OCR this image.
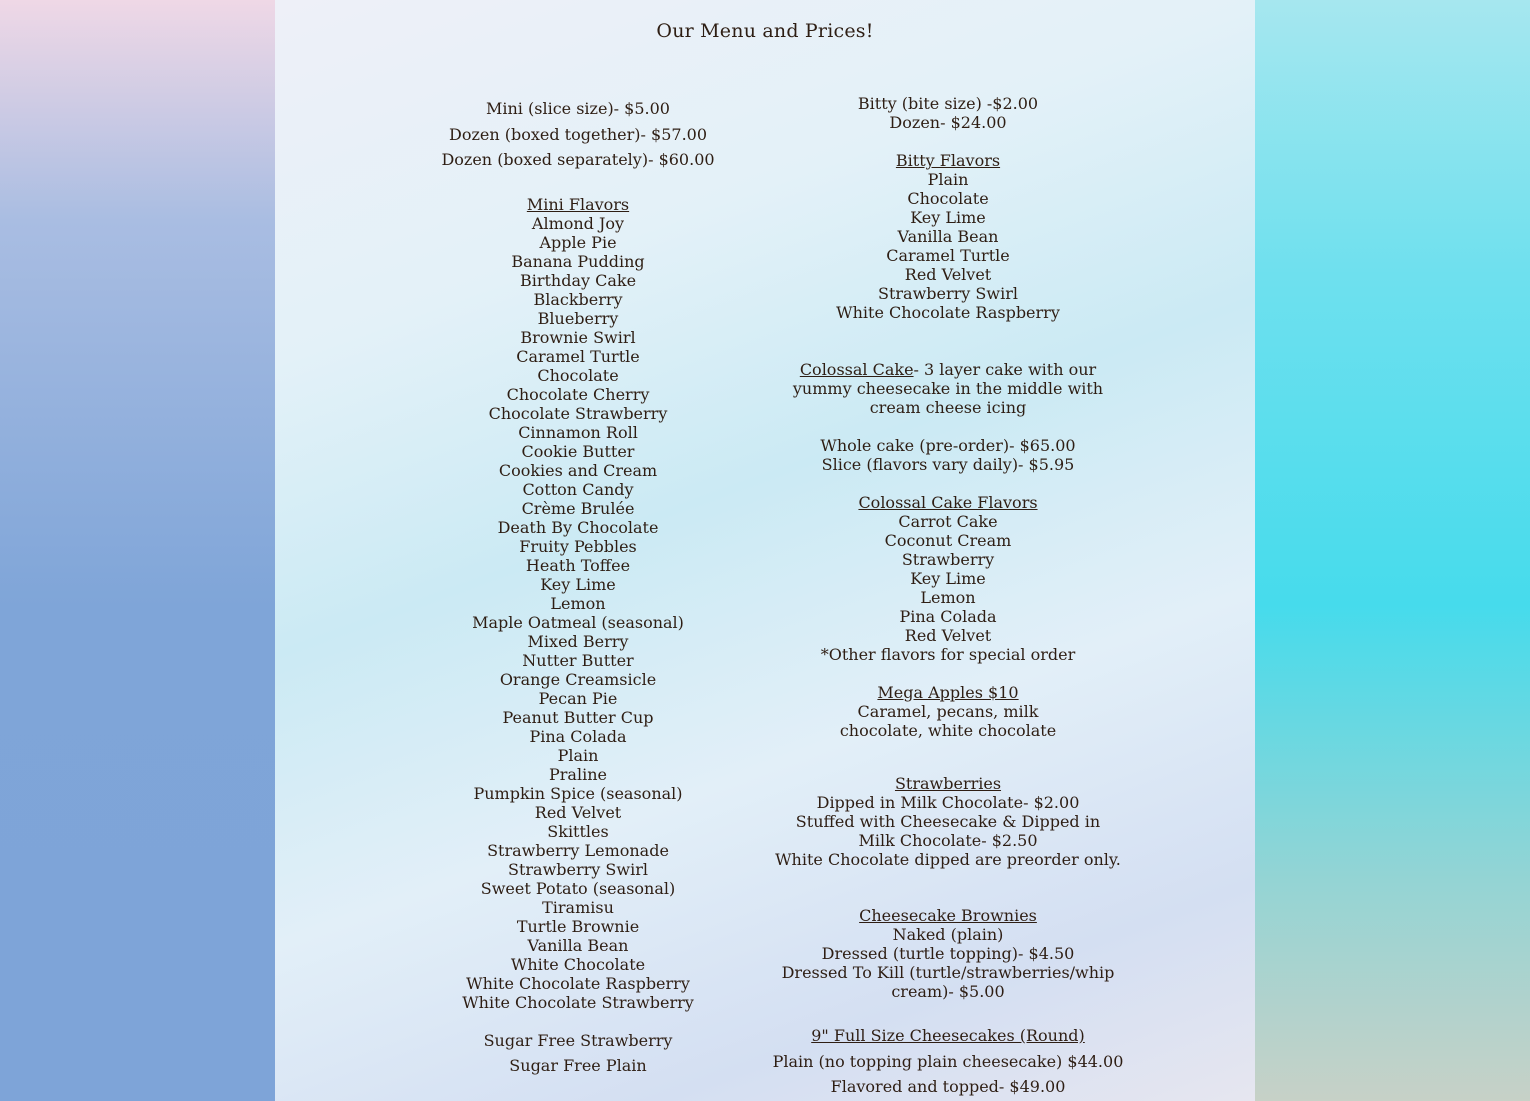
Our Menu and Prices!
Mini (slice size)- $5.00
Dozen (boxed together)- $57.00
Dozen (boxed separately)- $60.00
Mini Flavors
Almond Joy
Apple Pie
Banana Pudding
Birthday Cake
Blackberry
Blueberry
Brownie Swirl
Caramel Turtle
Chocolate
Chocolate Cherry
Chocolate Strawberry
Cinnamon Roll
Cookie Butter
Cookies and Cream
Cotton Candy
Crème Brulée
Death By Chocolate
Fruity Pebbles
Heath Toffee
Key Lime
Lemon
Maple Oatmeal (seasonal)
Mixed Berry
Nutter Butter
Orange Creamsicle
Pecan Pie
Peanut Butter Cup
Pina Colada
Plain
Praline
Pumpkin Spice (seasonal)
Red Velvet
Skittles
Strawberry Lemonade
Strawberry Swirl
Sweet Potato (seasonal)
Tiramisu
Turtle Brownie
Vanilla Bean
White Chocolate
White Chocolate Raspberry
White Chocolate Strawberry
Sugar Free Strawberry
Sugar Free Plain
Bitty (bite size) -$2.00
Dozen- $24.00
Bitty Flavors
Plain
Chocolate
Key Lime
Vanilla Bean
Caramel Turtle
Red Velvet
Strawberry Swirl
White Chocolate Raspberry
Colossal Cake- 3 layer cake with our yummy cheesecake in the middle with cream cheese icing
Whole cake (pre-order)- $65.00
Slice (flavors vary daily)- $5.95
Colossal Cake Flavors
Carrot Cake
Coconut Cream
Strawberry
Key Lime
Lemon
Pina Colada
Red Velvet
*Other flavors for special order
Mega Apples $10
Caramel, pecans, milk chocolate, white chocolate
Strawberries
Dipped in Milk Chocolate- $2.00
Stuffed with Cheesecake & Dipped in Milk Chocolate- $2.50
White Chocolate dipped are preorder only.
Cheesecake Brownies
Naked (plain)
Dressed (turtle topping)- $4.50
Dressed To Kill (turtle/strawberries/whip cream)- $5.00
9" Full Size Cheesecakes (Round)
Plain (no topping plain cheesecake) $44.00
Flavored and topped- $49.00
